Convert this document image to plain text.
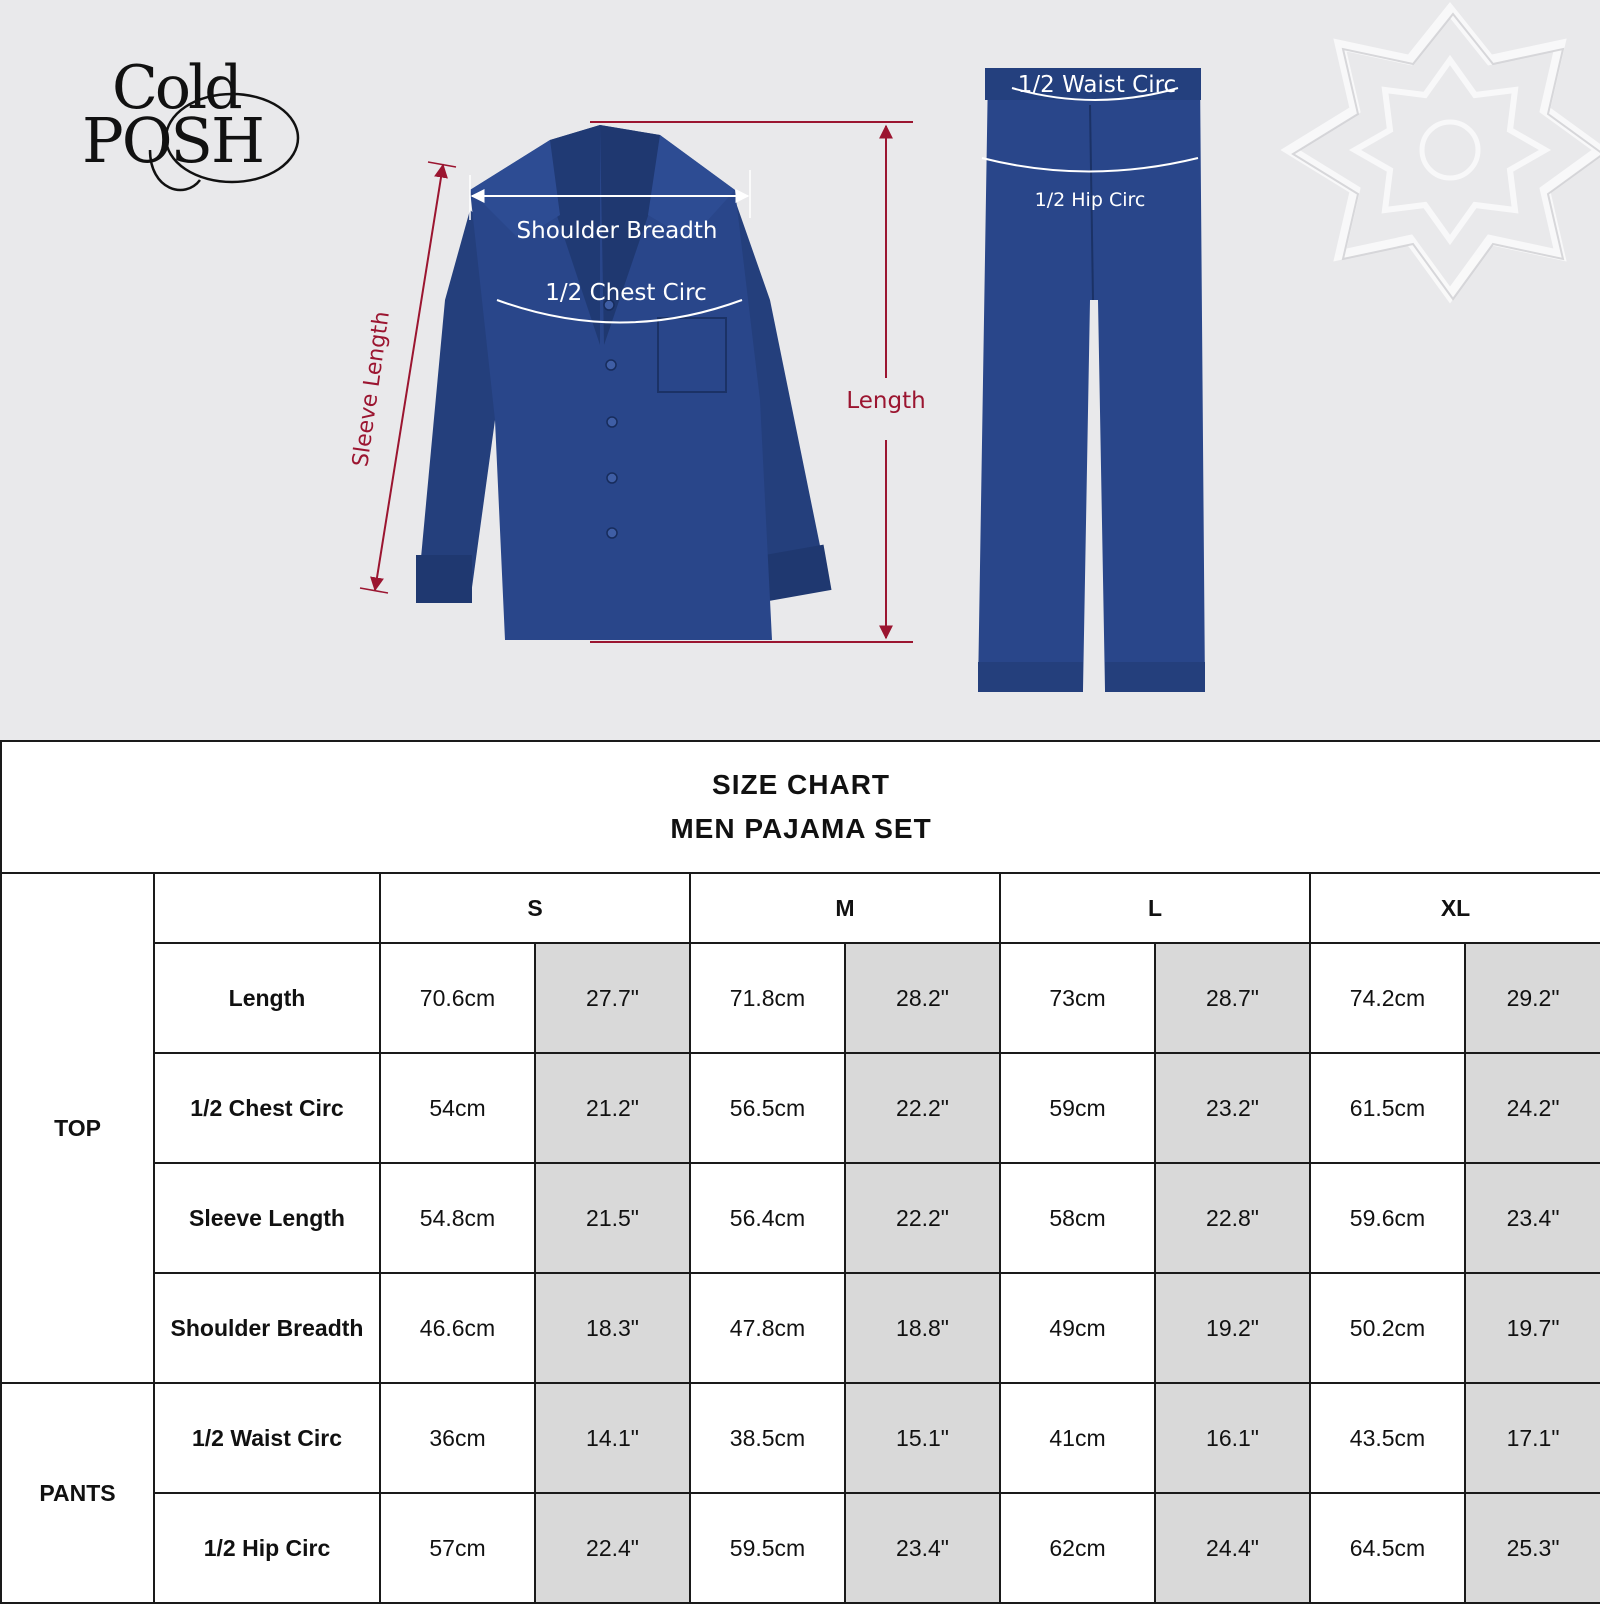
Cold
POSH
Shoulder Breadth
1/2 Chest Circ
Sleeve Length	Length
1/2 Waist Circ
1/2 Hip Circ
SIZE CHART
MEN PAJAMA SET									

TOP		S		M		L		XL	
	Length	70.6cm	27.7"	71.8cm	28.2"	73cm	28.7"	74.2cm	29.2"
	1/2 Chest Circ	54cm	21.2"	56.5cm	22.2"	59cm	23.2"	61.5cm	24.2"
	Sleeve Length	54.8cm	21.5"	56.4cm	22.2"	58cm	22.8"	59.6cm	23.4"
	Shoulder Breadth	46.6cm	18.3"	47.8cm	18.8"	49cm	19.2"	50.2cm	19.7"
PANTS	1/2 Waist Circ	36cm	14.1"	38.5cm	15.1"	41cm	16.1"	43.5cm	17.1"
	1/2 Hip Circ	57cm	22.4"	59.5cm	23.4"	62cm	24.4"	64.5cm	25.3"
